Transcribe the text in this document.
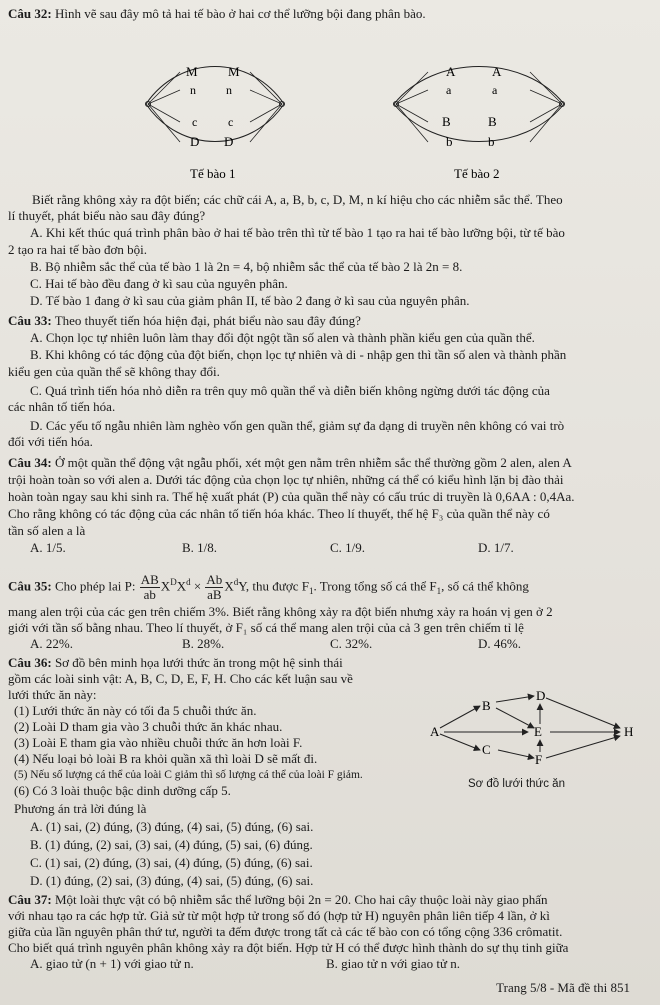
Câu 32: Hình vẽ sau đây mô tả hai tế bào ở hai cơ thể lưỡng bội đang phân bào.
M M
n	n
c	c
D D
Tế bào 1
A	A
a	a
B	B
b	b
Tế bào 2
Biết rằng không xảy ra đột biến; các chữ cái A, a, B, b, c, D, M, n kí hiệu cho các nhiễm sắc thể. Theo
lí thuyết, phát biểu nào sau đây đúng?
A. Khi kết thúc quá trình phân bào ở hai tế bào trên thì từ tế bào 1 tạo ra hai tế bào lưỡng bội, từ tế bào
2 tạo ra hai tế bào đơn bội.
B. Bộ nhiễm sắc thể của tế bào 1 là 2n = 4, bộ nhiễm sắc thể của tế bào 2 là 2n = 8.
C. Hai tế bào đều đang ở kì sau của nguyên phân.
D. Tế bào 1 đang ở kì sau của giảm phân II, tế bào 2 đang ở kì sau của nguyên phân.
Câu 33: Theo thuyết tiến hóa hiện đại, phát biểu nào sau đây đúng?
A. Chọn lọc tự nhiên luôn làm thay đổi đột ngột tần số alen và thành phần kiểu gen của quần thể.
B. Khi không có tác động của đột biến, chọn lọc tự nhiên và di - nhập gen thì tần số alen và thành phần
kiểu gen của quần thể sẽ không thay đổi.
C. Quá trình tiến hóa nhỏ diễn ra trên quy mô quần thể và diễn biến không ngừng dưới tác động của
các nhân tố tiến hóa.
D. Các yếu tố ngẫu nhiên làm nghèo vốn gen quần thể, giảm sự đa dạng di truyền nên không có vai trò
đối với tiến hóa.
Câu 34: Ở một quần thể động vật ngẫu phối, xét một gen nằm trên nhiễm sắc thể thường gồm 2 alen, alen A
trội hoàn toàn so với alen a. Dưới tác động của chọn lọc tự nhiên, những cá thể có kiểu hình lặn bị đào thải
hoàn toàn ngay sau khi sinh ra. Thế hệ xuất phát (P) của quần thể này có cấu trúc di truyền là 0,6AA : 0,4Aa.
Cho rằng không có tác động của các nhân tố tiến hóa khác. Theo lí thuyết, thế hệ F₃ của quần thể này có
tần số alen a là
A. 1/5.	B. 1/8.	C. 1/9.	D. 1/7.
Câu 35: Cho phép lai P: $\frac{AB}{ab} X^DX^d \times \frac{Ab}{aB} X^dY$, thu được $F_1$. Trong tổng số cá thể $F_1$, số cá thể không
mang alen trội của các gen trên chiếm 3%. Biết rằng không xảy ra đột biến nhưng xảy ra hoán vị gen ở 2
giới với tần số bằng nhau. Theo lí thuyết, ở F₁ số cá thể mang alen trội của cả 3 gen trên chiếm tỉ lệ
A. 22%.	B. 28%.	C. 32%.	D. 46%.
Câu 36: Sơ đồ bên minh họa lưới thức ăn trong một hệ sinh thái
gồm các loài sinh vật: A, B, C, D, E, F, H. Cho các kết luận sau về
lưới thức ăn này:
(1) Lưới thức ăn này có tối đa 5 chuỗi thức ăn.
(2) Loài D tham gia vào 3 chuỗi thức ăn khác nhau.
(3) Loài E tham gia vào nhiều chuỗi thức ăn hơn loài F.
(4) Nếu loại bỏ loài B ra khỏi quần xã thì loài D sẽ mất đi.
(5) Nếu số lượng cá thể của loài C giảm thì số lượng cá thể của loài F giảm.
(6) Có 3 loài thuộc bậc dinh dưỡng cấp 5.
Phương án trả lời đúng là
A. (1) sai, (2) đúng, (3) đúng, (4) sai, (5) đúng, (6) sai.
B. (1) đúng, (2) sai, (3) sai, (4) đúng, (5) sai, (6) đúng.
C. (1) sai, (2) đúng, (3) sai, (4) đúng, (5) đúng, (6) sai.
D. (1) đúng, (2) sai, (3) đúng, (4) sai, (5) đúng, (6) sai.
A
B
C
D
E
F
H
Sơ đồ lưới thức ăn
Câu 37: Một loài thực vật có bộ nhiễm sắc thể lưỡng bội 2n = 20. Cho hai cây thuộc loài này giao phấn
với nhau tạo ra các hợp tử. Giả sử từ một hợp tử trong số đó (hợp tử H) nguyên phân liên tiếp 4 lần, ở kì
giữa của lần nguyên phân thứ tư, người ta đếm được trong tất cả các tế bào con có tổng cộng 336 crômatit.
Cho biết quá trình nguyên phân không xảy ra đột biến. Hợp tử H có thể được hình thành do sự thụ tinh giữa
A. giao tử (n + 1) với giao tử n.	B. giao tử n với giao tử n.
Trang 5/8 - Mã đề thi 851
